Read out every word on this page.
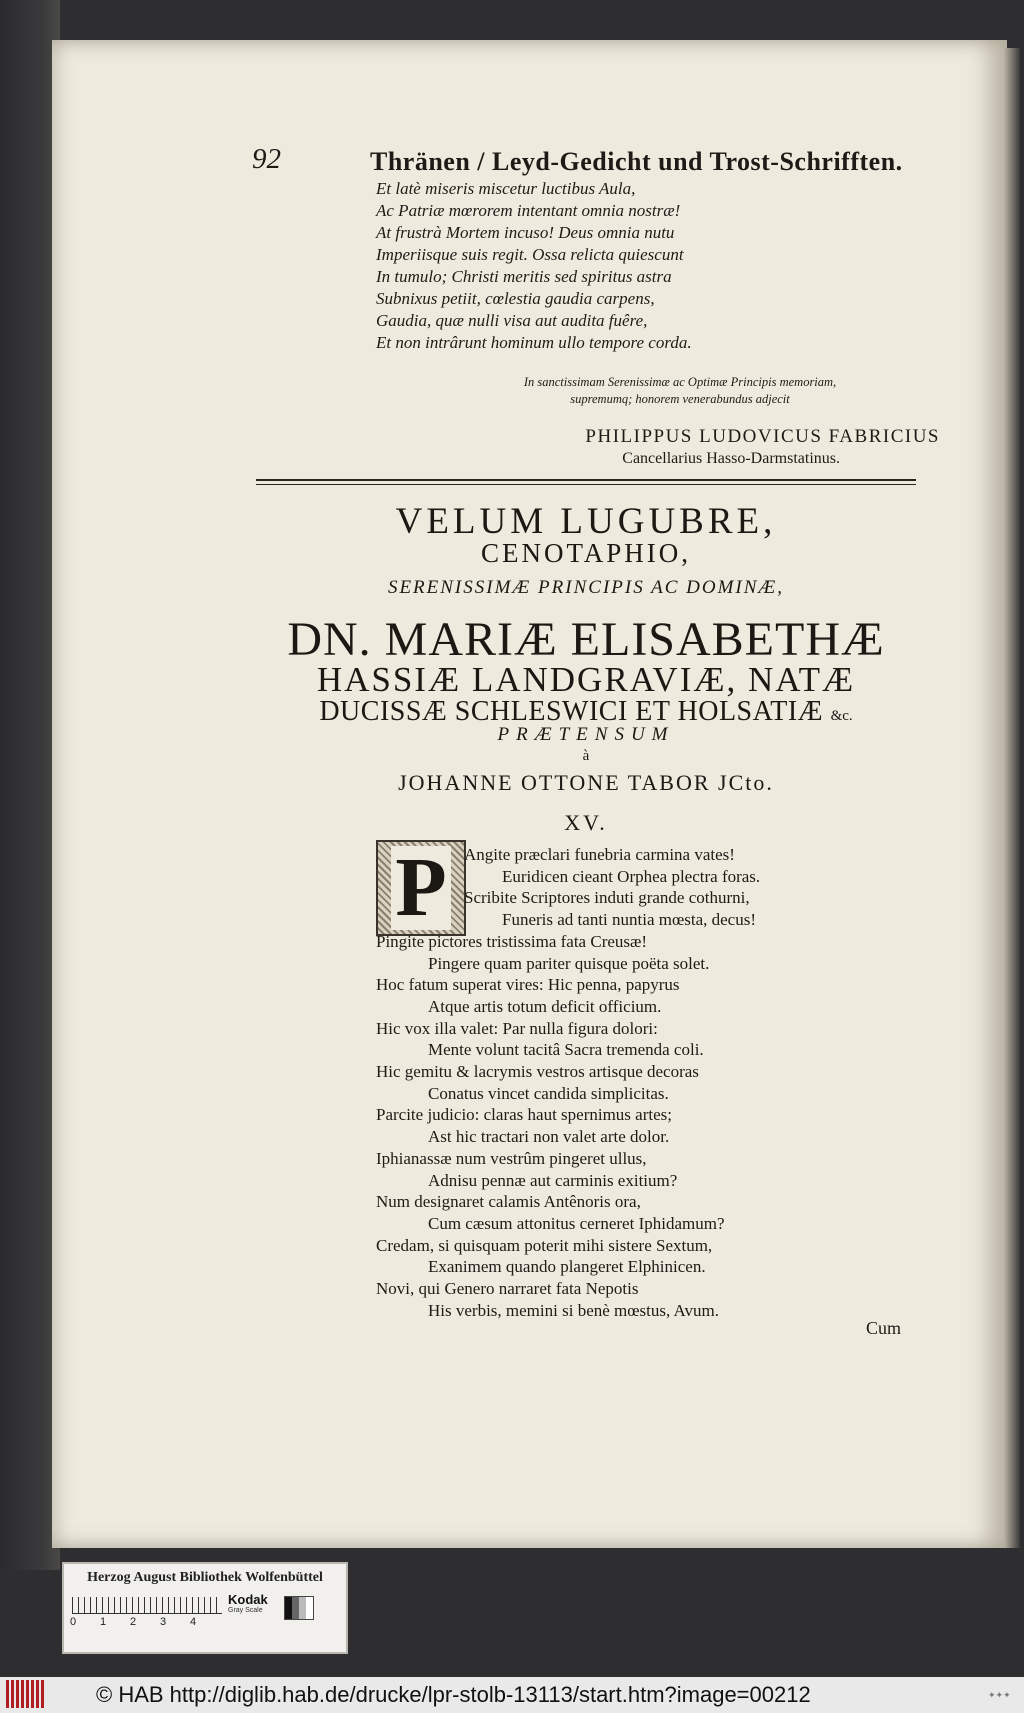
92	Thränen / Leyd-Gedicht und Trost-Schrifften.
Et latè miseris miscetur luctibus Aula,
Ac Patriæ mœrorem intentant omnia nostræ!
At frustrà Mortem incuso! Deus omnia nutu
Imperiisque suis regit. Ossa relicta quiescunt
In tumulo; Christi meritis sed spiritus astra
Subnixus petiit, cœlestia gaudia carpens,
Gaudia, quæ nulli visa aut audita fuêre,
Et non intrârunt hominum ullo tempore corda.
In sanctissimam Serenissimæ ac Optimæ Principis memoriam,
supremumq; honorem venerabundus adjecit
PHILIPPUS LUDOVICUS FABRICIUS
Cancellarius Hasso-Darmstatinus.
VELUM LUGUBRE,
CENOTAPHIO,
SERENISSIMÆ PRINCIPIS AC DOMINÆ,
DN. MARIÆ ELISABETHÆ
HASSIÆ LANDGRAVIÆ, NATÆ
DUCISSÆ SCHLESWICI ET HOLSATIÆ &c.
PRÆTENSUM
à
JOHANNE OTTONE TABOR JCto.
XV.
P	Angite præclari funebria carmina vates!
Euridicen cieant Orphea plectra foras.
Scribite Scriptores induti grande cothurni,
Funeris ad tanti nuntia mœsta, decus!
Pingite pictores tristissima fata Creusæ!
Pingere quam pariter quisque poëta solet.
Hoc fatum superat vires: Hic penna, papyrus
Atque artis totum deficit officium.
Hic vox illa valet: Par nulla figura dolori:
Mente volunt tacitâ Sacra tremenda coli.
Hic gemitu & lacrymis vestros artisque decoras
Conatus vincet candida simplicitas.
Parcite judicio: claras haut spernimus artes;
Ast hic tractari non valet arte dolor.
Iphianassæ num vestrûm pingeret ullus,
Adnisu pennæ aut carminis exitium?
Num designaret calamis Antênoris ora,
Cum cæsum attonitus cerneret Iphidamum?
Credam, si quisquam poterit mihi sistere Sextum,
Exanimem quando plangeret Elphinicen.
Novi, qui Genero narraret fata Nepotis
His verbis, memini si benè mœstus, Avum.
Cum
Herzog August Bibliothek Wolfenbüttel
0 1 2 3 4
Kodak
Gray Scale
© HAB http://diglib.hab.de/drucke/lpr-stolb-13113/start.htm?image=00212	✦✦✦
